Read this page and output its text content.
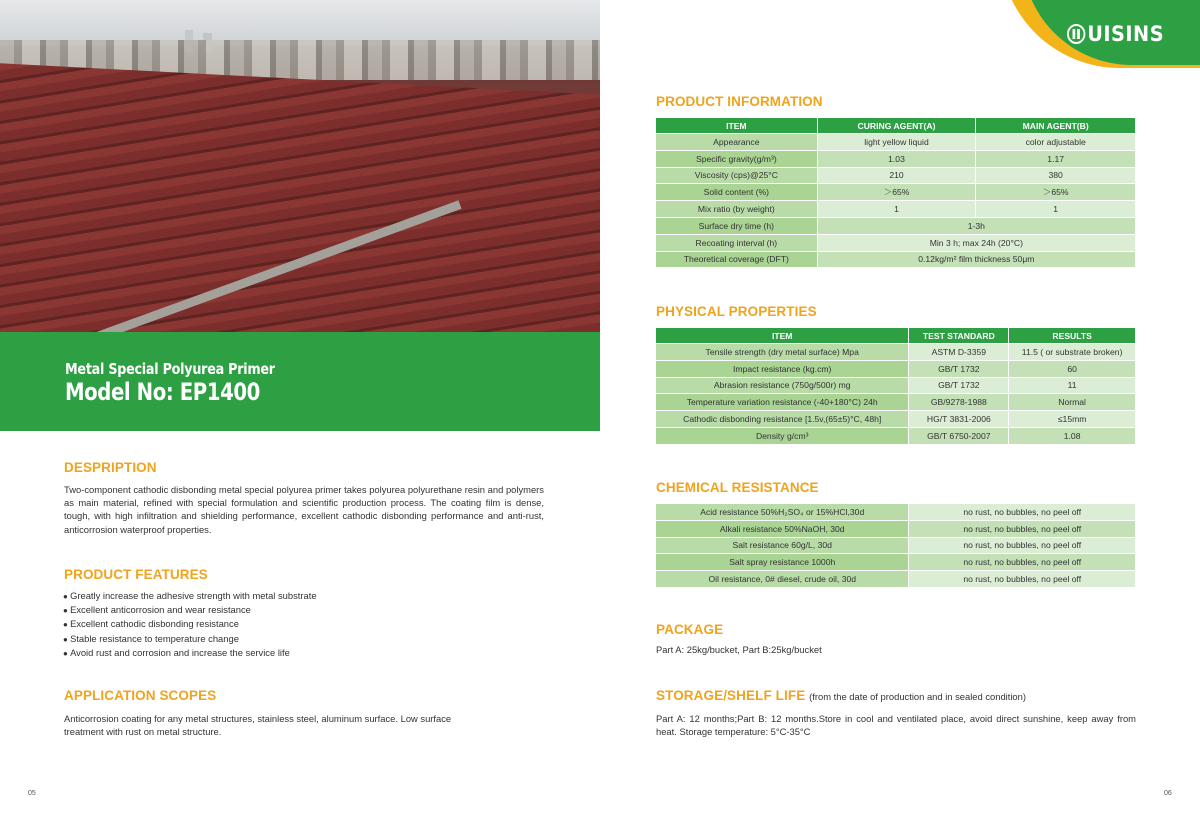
Metal Special Polyurea Primer
Model No: EP1400
DESPRIPTION
Two-component cathodic disbonding metal special polyurea primer takes polyurea polyurethane resin and polymers as main material, refined with special formulation and scientific production process. The coating film is dense, tough, with high infiltration and shielding performance, excellent cathodic disbonding performance and anti-rust, anticorrosion waterproof properties.
PRODUCT FEATURES
● Greatly increase the adhesive strength with metal substrate
● Excellent anticorrosion and wear resistance
● Excellent cathodic disbonding resistance
● Stable resistance to temperature change
● Avoid rust and corrosion and increase the service life
APPLICATION SCOPES
Anticorrosion coating for any metal structures, stainless steel, aluminum surface. Low surface treatment with rust on metal structure.
05
UISINS
PRODUCT INFORMATION
ITEM	CURING AGENT(A)	MAIN AGENT(B)
Appearance	light yellow liquid	color adjustable
Specific gravity(g/m³)	1.03	1.17
Viscosity (cps)@25°C	210	380
Solid content (%)	＞65%	＞65%
Mix ratio (by weight)	1	1
Surface dry time (h)	1-3h	
Recoating interval (h)	Min 3 h; max 24h (20°C)	
Theoretical coverage (DFT)	0.12kg/m² film thickness 50μm	
PHYSICAL PROPERTIES
ITEM	TEST STANDARD	RESULTS
Tensile strength (dry metal surface) Mpa	ASTM D-3359	11.5 ( or substrate broken)
Impact resistance (kg.cm)	GB/T 1732	60
Abrasion resistance (750g/500r) mg	GB/T 1732	11
Temperature variation resistance (-40+180°C) 24h	GB/9278-1988	Normal
Cathodic disbonding resistance [1.5v,(65±5)°C, 48h]	HG/T 3831-2006	≤15mm
Density g/cm³	GB/T 6750-2007	1.08
CHEMICAL RESISTANCE
Acid resistance 50%H₂SO₄ or 15%HCl,30d	no rust, no bubbles, no peel off
Alkali resistance 50%NaOH, 30d	no rust, no bubbles, no peel off
Salt resistance 60g/L, 30d	no rust, no bubbles, no peel off
Salt spray resistance 1000h	no rust, no bubbles, no peel off
Oil resistance, 0# diesel, crude oil, 30d	no rust, no bubbles, no peel off
PACKAGE
Part A: 25kg/bucket, Part B:25kg/bucket
STORAGE/SHELF LIFE (from the date of production and in sealed condition)
Part A: 12 months;Part B: 12 months.Store in cool and ventilated place, avoid direct sunshine, keep away from heat. Storage temperature: 5°C-35°C
06
